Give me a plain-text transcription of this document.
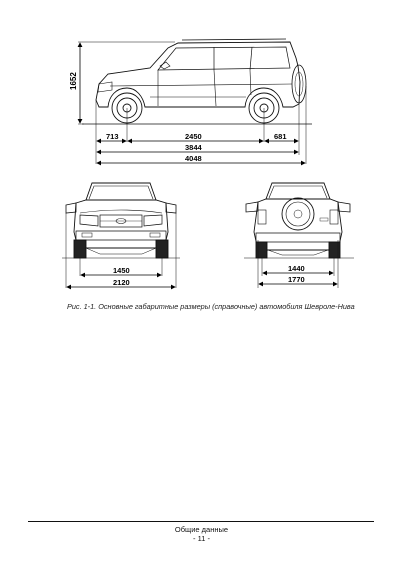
1652
713	2450	681
3844
4048
1450
2120
1440
1770
Рис. 1-1. Основные габаритные размеры (справочные) автомобиля Шевроле-Нива
Общие данные
- 11 -
